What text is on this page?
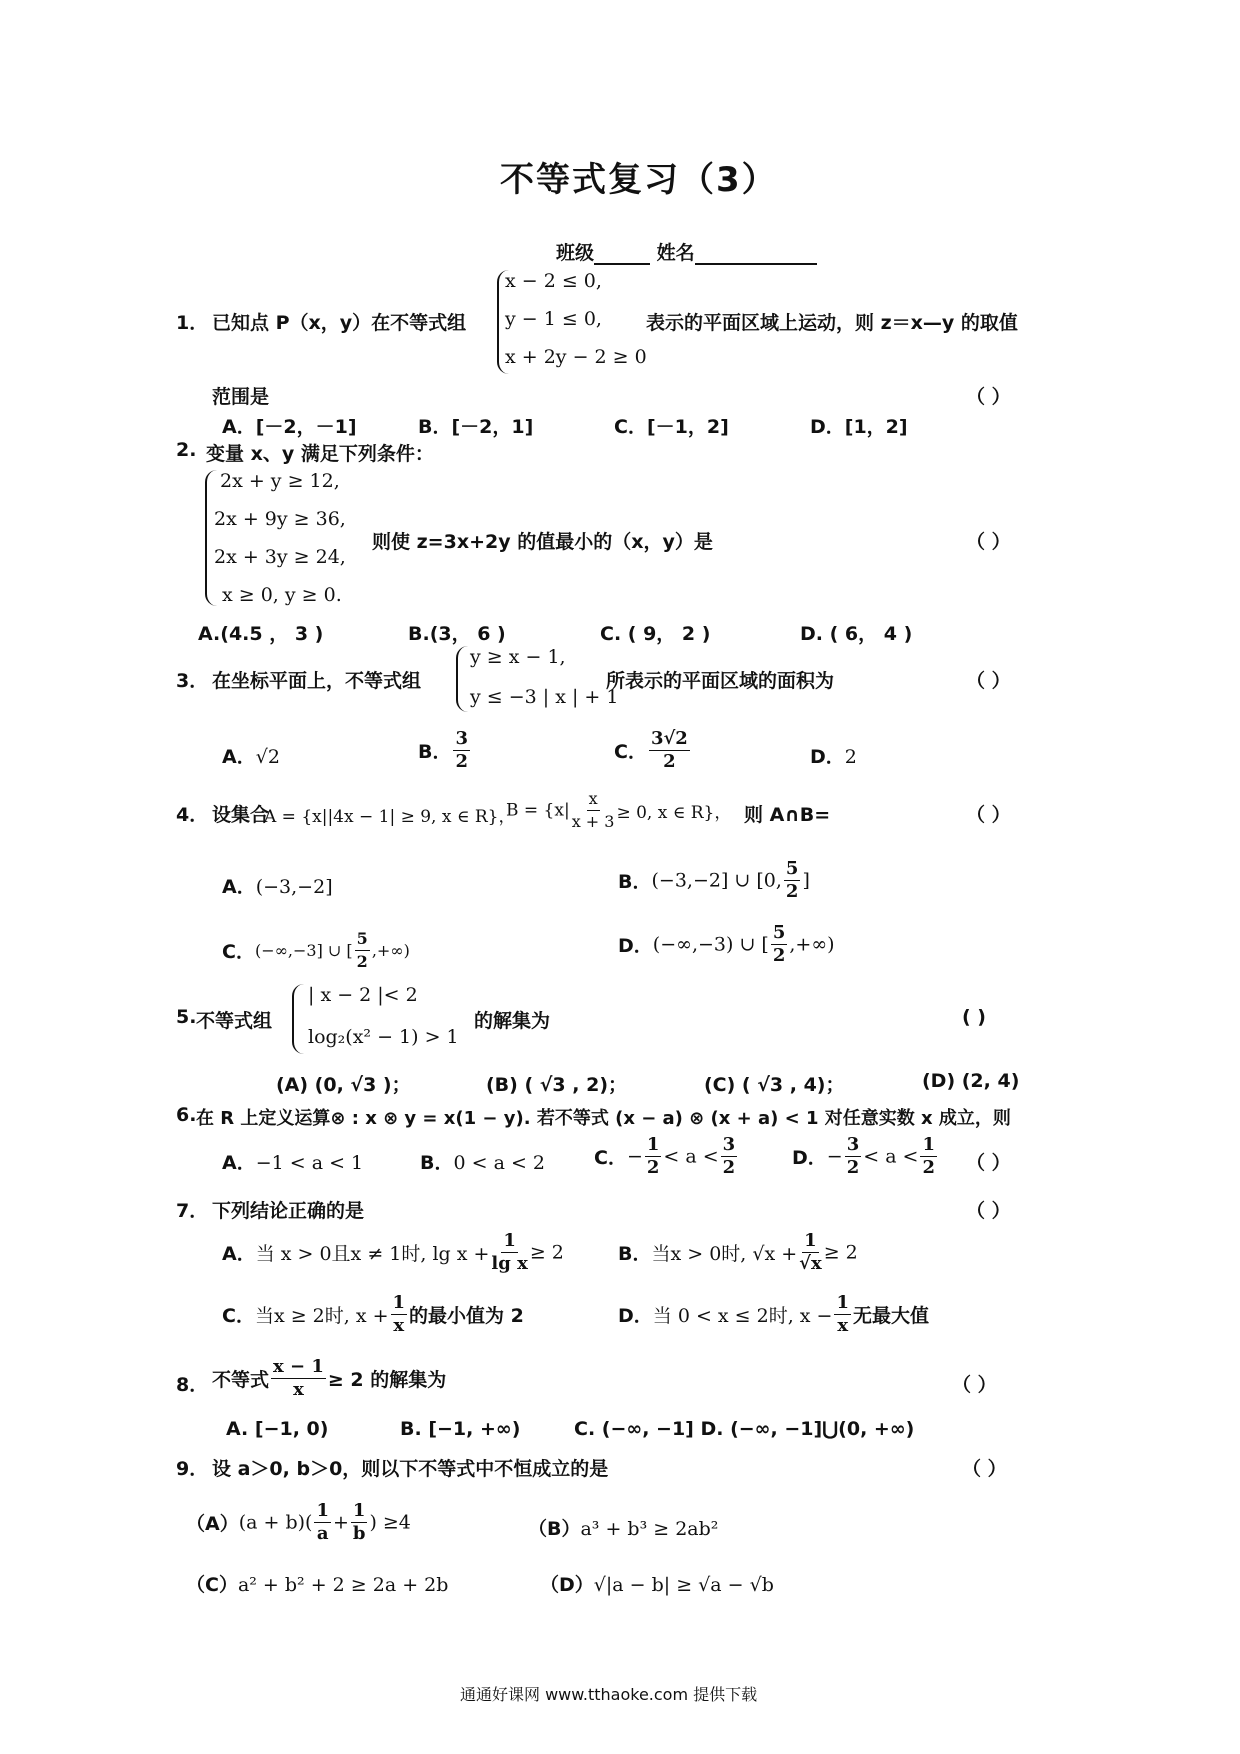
不等式复习（3）
班级	姓名
1． 已知点 P（x，y）在不等式组
x − 2 ≤ 0,
y − 1 ≤ 0,
x + 2y − 2 ≥ 0
表示的平面区域上运动，则 z＝x—y 的取值
范围是	（ ）
A．[－2，－1]	B．[－2，1]	C．[－1，2]	D．[1，2]
2. 变量 x、y 满足下列条件：
2x + y ≥ 12,
2x + 9y ≥ 36,
2x + 3y ≥ 24,
x ≥ 0, y ≥ 0.
则使 z=3x+2y 的值最小的（x，y）是	（ ）
A.(4.5 ， 3 )	B.(3， 6 )	C. ( 9， 2 )	D. ( 6， 4 )
3． 在坐标平面上，不等式组
y ≥ x − 1,
y ≤ −3 | x | + 1
所表示的平面区域的面积为	（ ）
A．√2	B． $\frac{3}{2}$	C． $\frac{3√2}{2}$	D．2
4． 设集合
A = {x||4x − 1| ≥ 9, x ∈ R}，
$B = \{x| \frac{x}{x + 3} \ge 0$, x ∈ R}， 则 A∩B=	（ ）
A．(−3,−2]	B．(−3,−2] ∪ [0, $\frac{5}{2}$ ]
C．(−∞,−3] ∪ [ $\frac{5}{2}$ ,+∞)	D．(−∞,−3) ∪ [ $\frac{5}{2}$ ,+∞)
5. 不等式组
| x − 2 |< 2
log₂(x² − 1) > 1
的解集为	( )
(A) (0, √3 )；	(B) ( √3 , 2)；	(C) ( √3 , 4)；	(D) (2, 4)
6. 在 R 上定义运算⊗ : x ⊗ y = x(1 − y). 若不等式 (x − a) ⊗ (x + a) < 1 对任意实数 x 成立，则
A．−1 < a < 1	B．0 < a < 2	C．− $\frac{1}{2} < a < \frac{3}{2}$	D．− $\frac{3}{2} < a < \frac{1}{2}$ （ ）
7． 下列结论正确的是	（ ）
A．当 x > 0且x ≠ 1时, $\lg x + \frac{1}{\text{lg x}} \ge 2$	B．当x > 0时, $√x + \frac{1}{√x} \ge 2$
C．当x ≥ 2时, $x + \frac{1}{x}$ 的最小值为 2	D．当 0 < x ≤ 2时, $x - \frac{1}{x}$ 无最大值
8． 不等式 $\frac{x - 1}{x} \ge 2$ 的解集为	（ ）
A. [−1, 0)	B. [−1, +∞)	C. (−∞, −1] D. (−∞, −1]⋃(0, +∞)
9． 设 a＞0, b＞0，则以下不等式中不恒成立的是	（ ）
$(A)(a + b)( \frac{1}{a} + \frac{1}{b}$ ) ≥4	（B）a³ + b³ ≥ 2ab²
（C）a² + b² + 2 ≥ 2a + 2b	（D）√|a − b| ≥ √a − √b
通通好课网 www.tthaoke.com 提供下载
